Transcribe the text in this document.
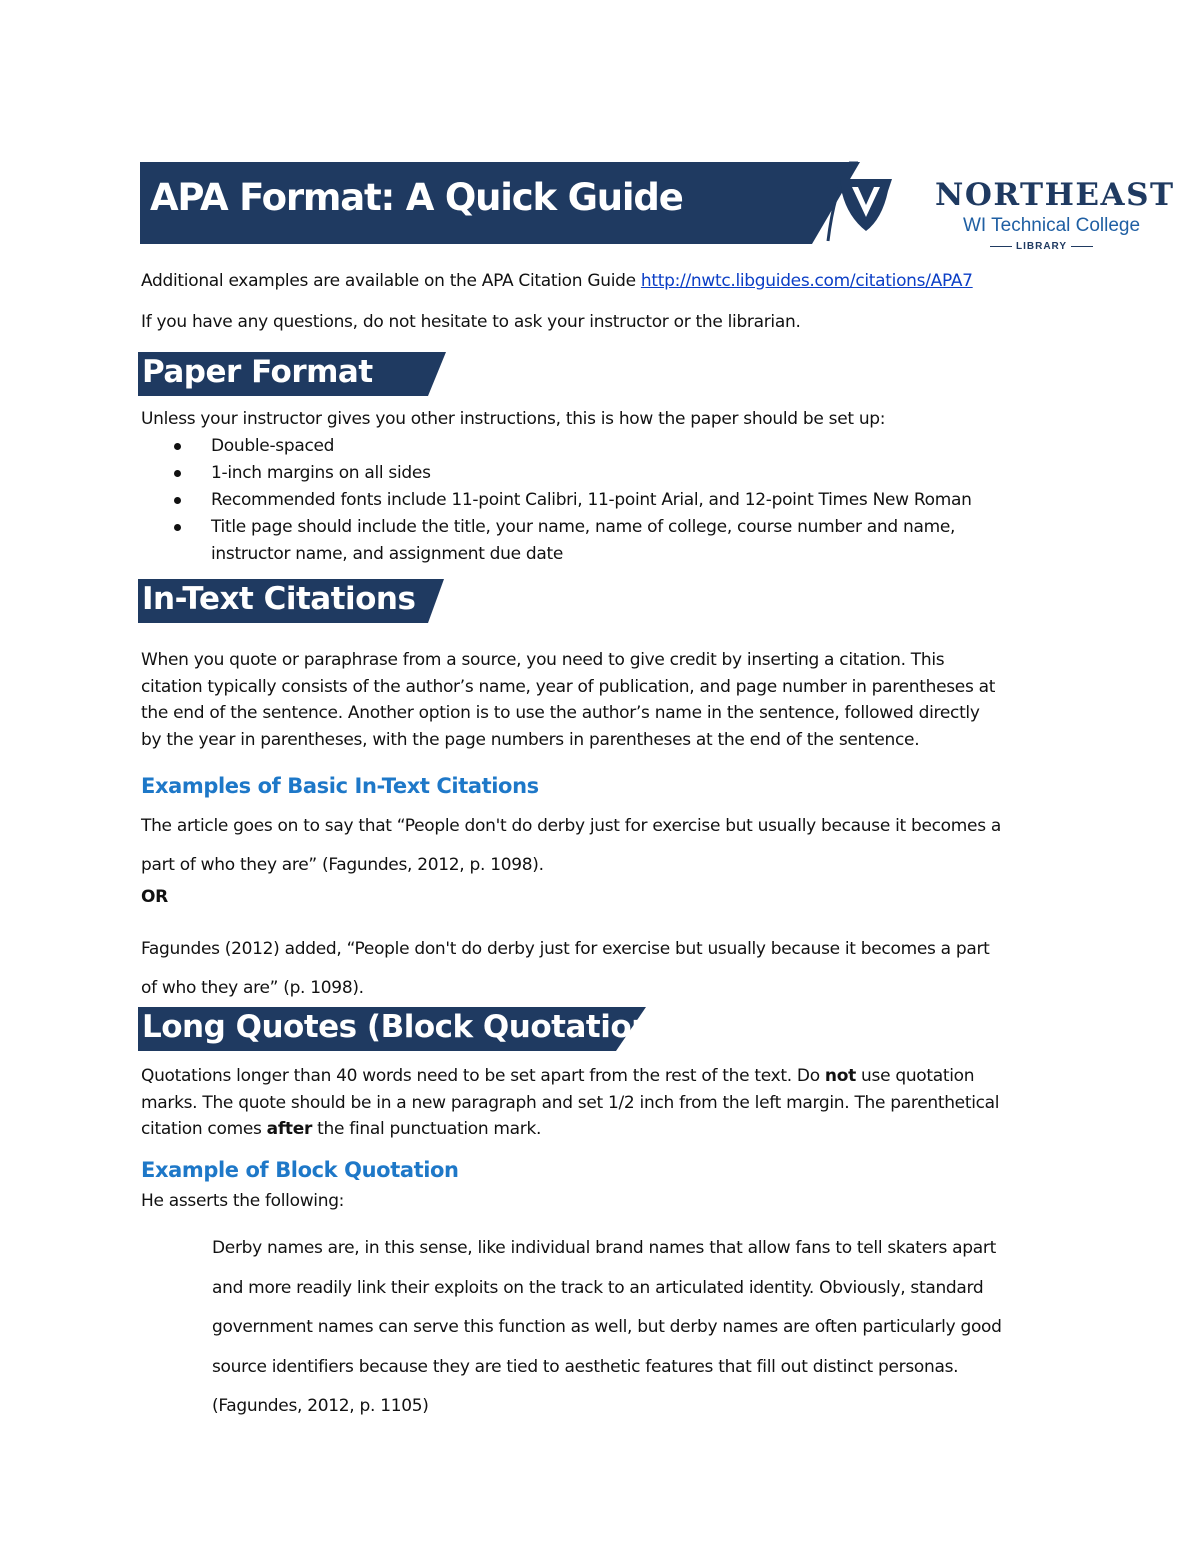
APA Format: A Quick Guide	NORTHEAST
WI Technical College
LIBRARY
Additional examples are available on the APA Citation Guide http://nwtc.libguides.com/citations/APA7
If you have any questions, do not hesitate to ask your instructor or the librarian.
Paper Format
Unless your instructor gives you other instructions, this is how the paper should be set up:
Double-spaced
1-inch margins on all sides
Recommended fonts include 11-point Calibri, 11-point Arial, and 12-point Times New Roman
Title page should include the title, your name, name of college, course number and name,
instructor name, and assignment due date
In-Text Citations
When you quote or paraphrase from a source, you need to give credit by inserting a citation. This
citation typically consists of the author’s name, year of publication, and page number in parentheses at
the end of the sentence. Another option is to use the author’s name in the sentence, followed directly
by the year in parentheses, with the page numbers in parentheses at the end of the sentence.
Examples of Basic In-Text Citations
The article goes on to say that “People don't do derby just for exercise but usually because it becomes a
part of who they are” (Fagundes, 2012, p. 1098).
OR
Fagundes (2012) added, “People don't do derby just for exercise but usually because it becomes a part
of who they are” (p. 1098).
Long Quotes (Block Quotations)
Quotations longer than 40 words need to be set apart from the rest of the text. Do not use quotation
marks. The quote should be in a new paragraph and set 1/2 inch from the left margin. The parenthetical
citation comes after the final punctuation mark.
Example of Block Quotation
He asserts the following:
Derby names are, in this sense, like individual brand names that allow fans to tell skaters apart
and more readily link their exploits on the track to an articulated identity. Obviously, standard
government names can serve this function as well, but derby names are often particularly good
source identifiers because they are tied to aesthetic features that fill out distinct personas.
(Fagundes, 2012, p. 1105)
